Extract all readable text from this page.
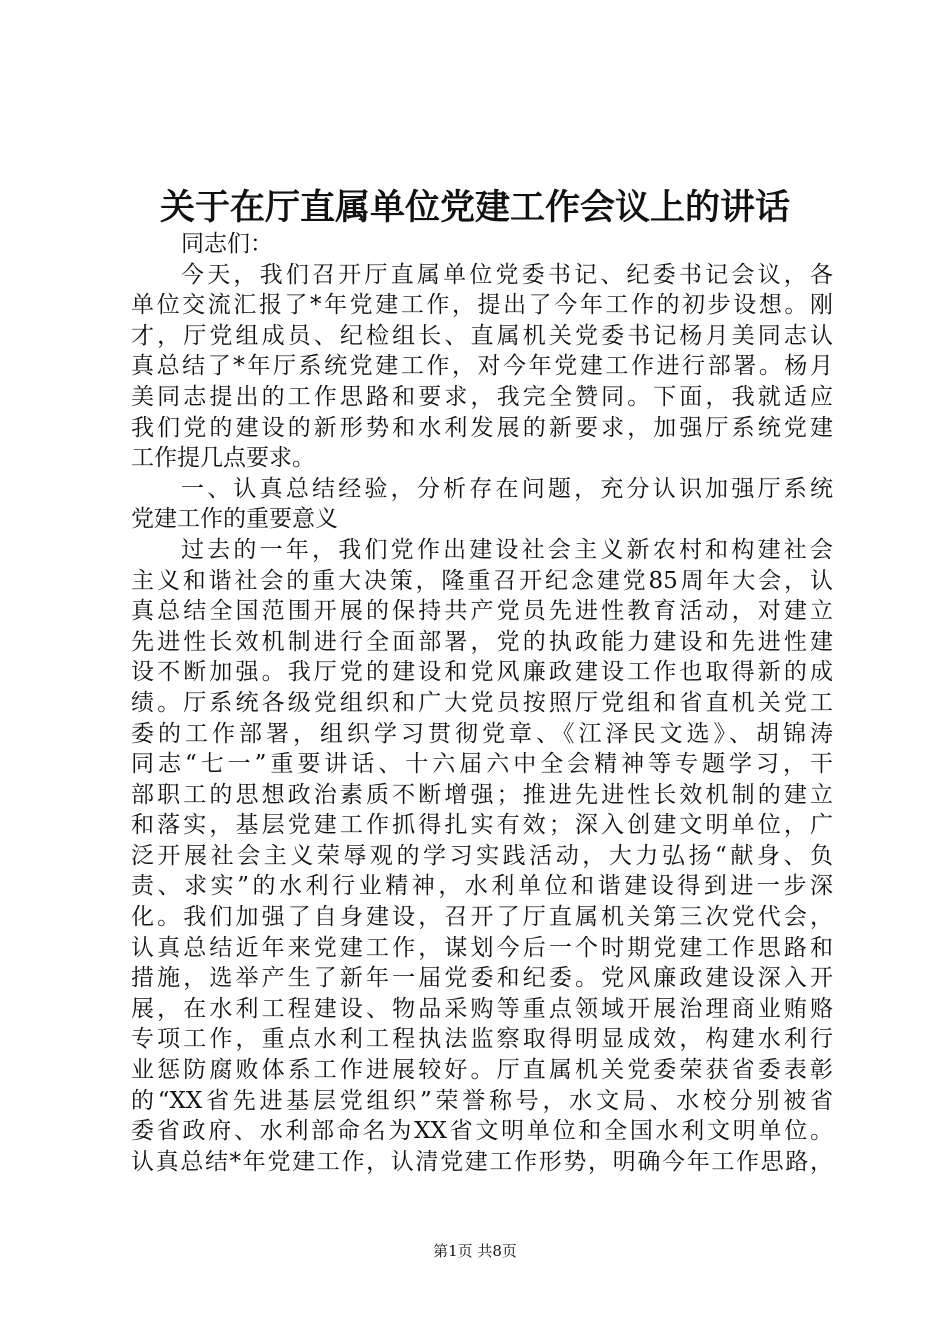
关于在厅直属单位党建工作会议上的讲话
同志们：
今天，我们召开厅直属单位党委书记、纪委书记会议，各
单位交流汇报了*年党建工作，提出了今年工作的初步设想。刚
才，厅党组成员、纪检组长、直属机关党委书记杨月美同志认
真总结了*年厅系统党建工作，对今年党建工作进行部署。杨月
美同志提出的工作思路和要求，我完全赞同。下面，我就适应
我们党的建设的新形势和水利发展的新要求，加强厅系统党建
工作提几点要求。
一、认真总结经验，分析存在问题，充分认识加强厅系统
党建工作的重要意义
过去的一年，我们党作出建设社会主义新农村和构建社会
主义和谐社会的重大决策，隆重召开纪念建党85周年大会，认
真总结全国范围开展的保持共产党员先进性教育活动，对建立
先进性长效机制进行全面部署，党的执政能力建设和先进性建
设不断加强。我厅党的建设和党风廉政建设工作也取得新的成
绩。厅系统各级党组织和广大党员按照厅党组和省直机关党工
委的工作部署，组织学习贯彻党章、《江泽民文选》、胡锦涛
同志“七一”重要讲话、十六届六中全会精神等专题学习，干
部职工的思想政治素质不断增强；推进先进性长效机制的建立
和落实，基层党建工作抓得扎实有效；深入创建文明单位，广
泛开展社会主义荣辱观的学习实践活动，大力弘扬“献身、负
责、求实”的水利行业精神，水利单位和谐建设得到进一步深
化。我们加强了自身建设，召开了厅直属机关第三次党代会，
认真总结近年来党建工作，谋划今后一个时期党建工作思路和
措施，选举产生了新年一届党委和纪委。党风廉政建设深入开
展，在水利工程建设、物品采购等重点领域开展治理商业贿赂
专项工作，重点水利工程执法监察取得明显成效，构建水利行
业惩防腐败体系工作进展较好。厅直属机关党委荣获省委表彰
的“XX省先进基层党组织”荣誉称号，水文局、水校分别被省
委省政府、水利部命名为XX省文明单位和全国水利文明单位。
认真总结*年党建工作，认清党建工作形势，明确今年工作思路，
第1页 共8页
